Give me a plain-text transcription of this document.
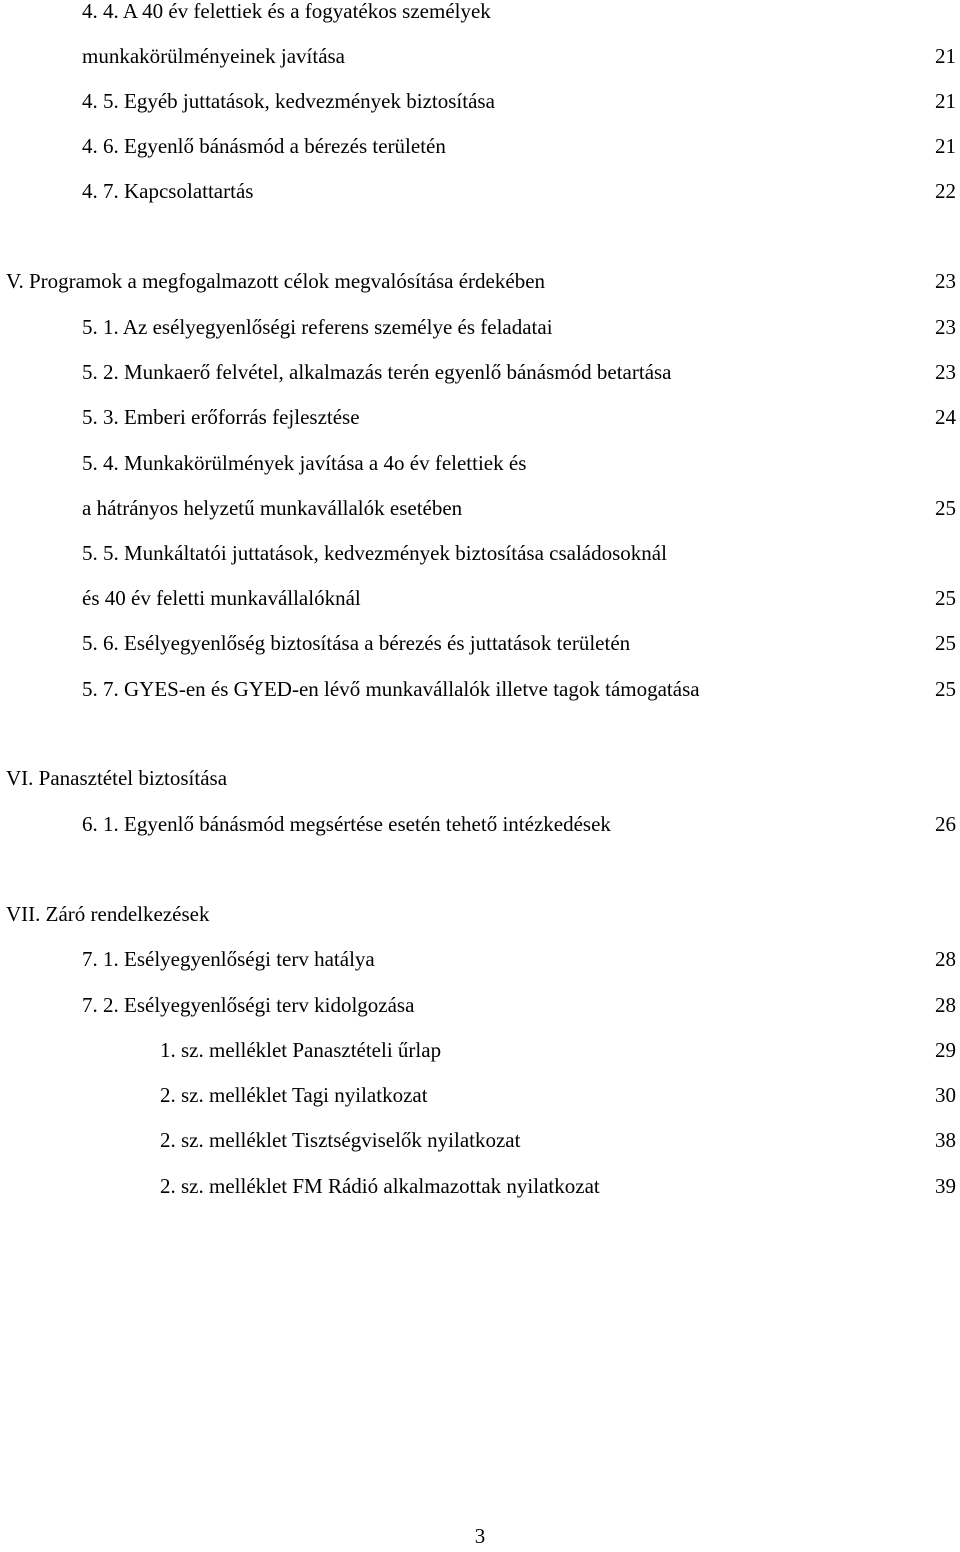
4. 4. A 40 év felettiek és a fogyatékos személyek
munkakörülményeinek javítása	21
4. 5. Egyéb juttatások, kedvezmények biztosítása	21
4. 6. Egyenlő bánásmód a bérezés területén	21
4. 7. Kapcsolattartás	22
V. Programok a megfogalmazott célok megvalósítása érdekében	23
5. 1. Az esélyegyenlőségi referens személye és feladatai	23
5. 2. Munkaerő felvétel, alkalmazás terén egyenlő bánásmód betartása	23
5. 3. Emberi erőforrás fejlesztése	24
5. 4. Munkakörülmények javítása a 4o év felettiek és
a hátrányos helyzetű munkavállalók esetében	25
5. 5. Munkáltatói juttatások, kedvezmények biztosítása családosoknál
és 40 év feletti munkavállalóknál	25
5. 6. Esélyegyenlőség biztosítása a bérezés és juttatások területén	25
5. 7. GYES-en és GYED-en lévő munkavállalók illetve tagok támogatása	25
VI. Panasztétel biztosítása
6. 1. Egyenlő bánásmód megsértése esetén tehető intézkedések	26
VII. Záró rendelkezések
7. 1. Esélyegyenlőségi terv hatálya	28
7. 2. Esélyegyenlőségi terv kidolgozása	28
1. sz. melléklet Panasztételi űrlap	29
2. sz. melléklet Tagi nyilatkozat	30
2. sz. melléklet Tisztségviselők nyilatkozat	38
2. sz. melléklet FM Rádió alkalmazottak nyilatkozat	39
3
